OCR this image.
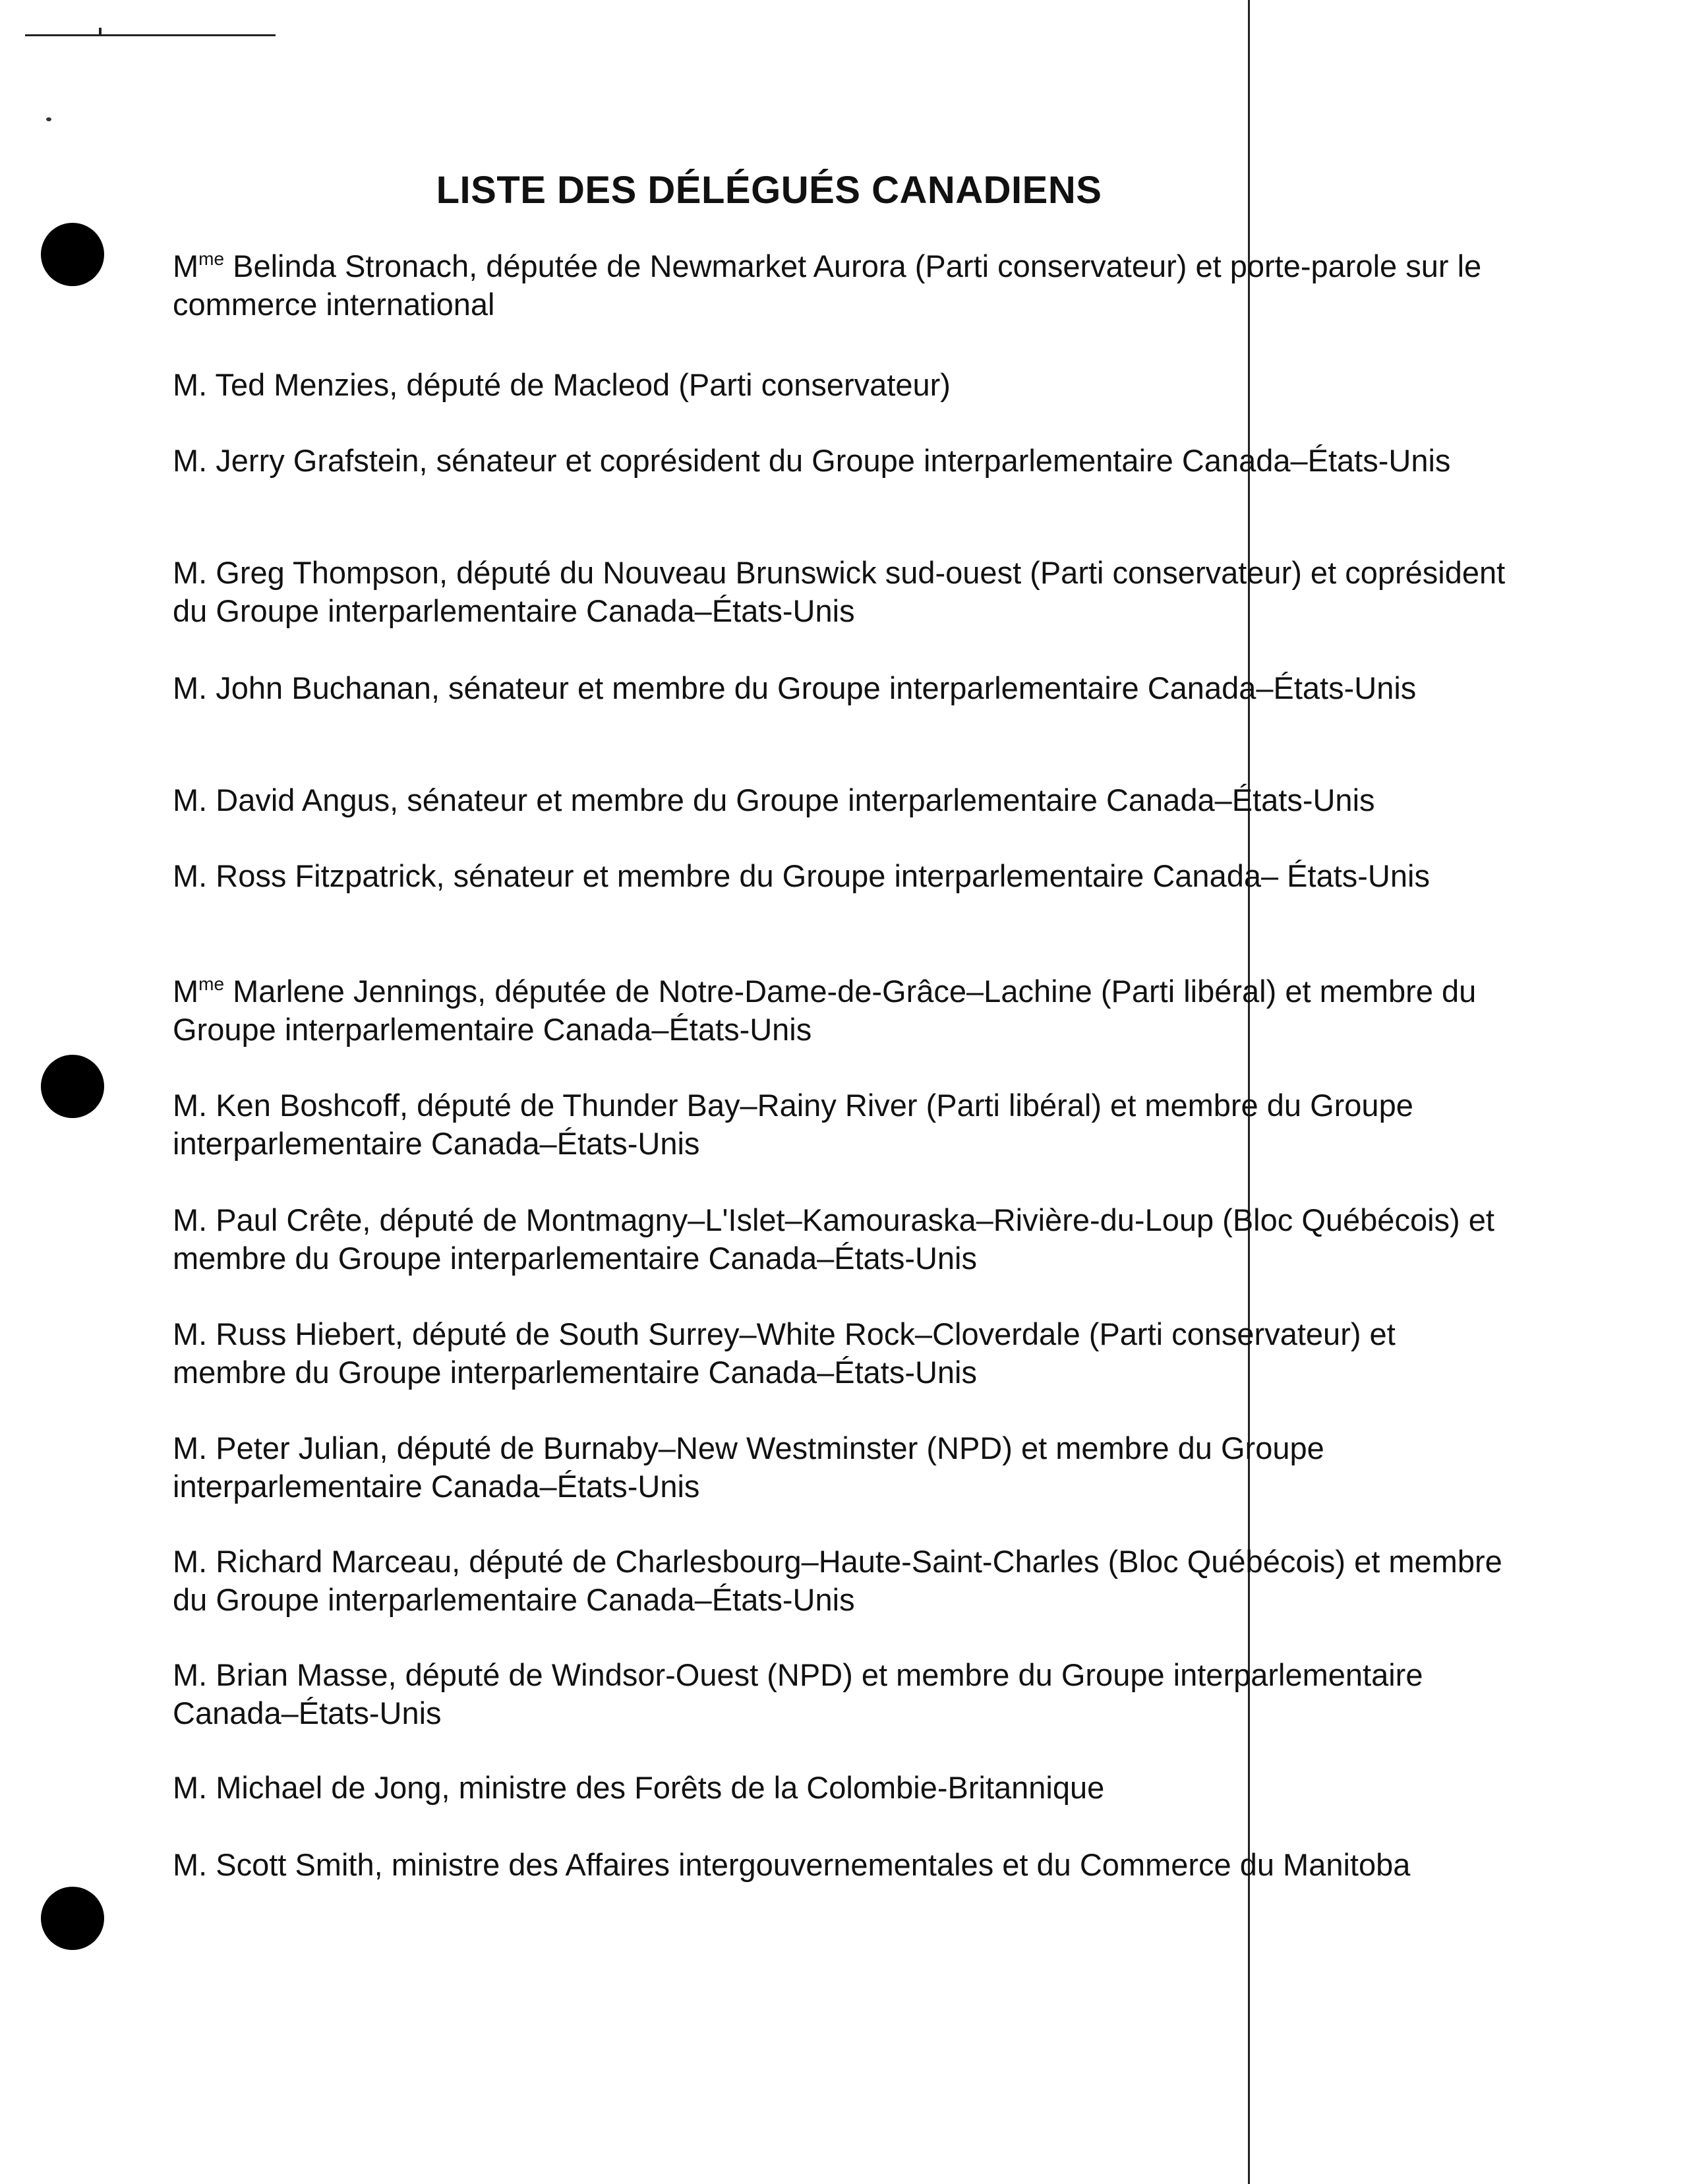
LISTE DES DÉLÉGUÉS CANADIENS

$M^{me}$ Belinda Stronach, députée de Newmarket Aurora (Parti conservateur) et porte-parole sur le commerce international

M. Ted Menzies, député de Macleod (Parti conservateur)

M. Jerry Grafstein, sénateur et coprésident du Groupe interparlementaire Canada–États-Unis

M. Greg Thompson, député du Nouveau Brunswick sud-ouest (Parti conservateur) et coprésident du Groupe interparlementaire Canada–États-Unis

M. John Buchanan, sénateur et membre du Groupe interparlementaire Canada–États-Unis

M. David Angus, sénateur et membre du Groupe interparlementaire Canada–États-Unis

M. Ross Fitzpatrick, sénateur et membre du Groupe interparlementaire Canada– États-Unis

$M^{me}$ Marlene Jennings, députée de Notre-Dame-de-Grâce–Lachine (Parti libéral) et membre du Groupe interparlementaire Canada–États-Unis

M. Ken Boshcoff, député de Thunder Bay–Rainy River (Parti libéral) et membre du Groupe interparlementaire Canada–États-Unis

M. Paul Crête, député de Montmagny–L'Islet–Kamouraska–Rivière-du-Loup (Bloc Québécois) et membre du Groupe interparlementaire Canada–États-Unis

M. Russ Hiebert, député de South Surrey–White Rock–Cloverdale (Parti conservateur) et membre du Groupe interparlementaire Canada–États-Unis

M. Peter Julian, député de Burnaby–New Westminster (NPD) et membre du Groupe interparlementaire Canada–États-Unis

M. Richard Marceau, député de Charlesbourg–Haute-Saint-Charles (Bloc Québécois) et membre du Groupe interparlementaire Canada–États-Unis

M. Brian Masse, député de Windsor-Ouest (NPD) et membre du Groupe interparlementaire Canada–États-Unis

M. Michael de Jong, ministre des Forêts de la Colombie-Britannique

M. Scott Smith, ministre des Affaires intergouvernementales et du Commerce du Manitoba
